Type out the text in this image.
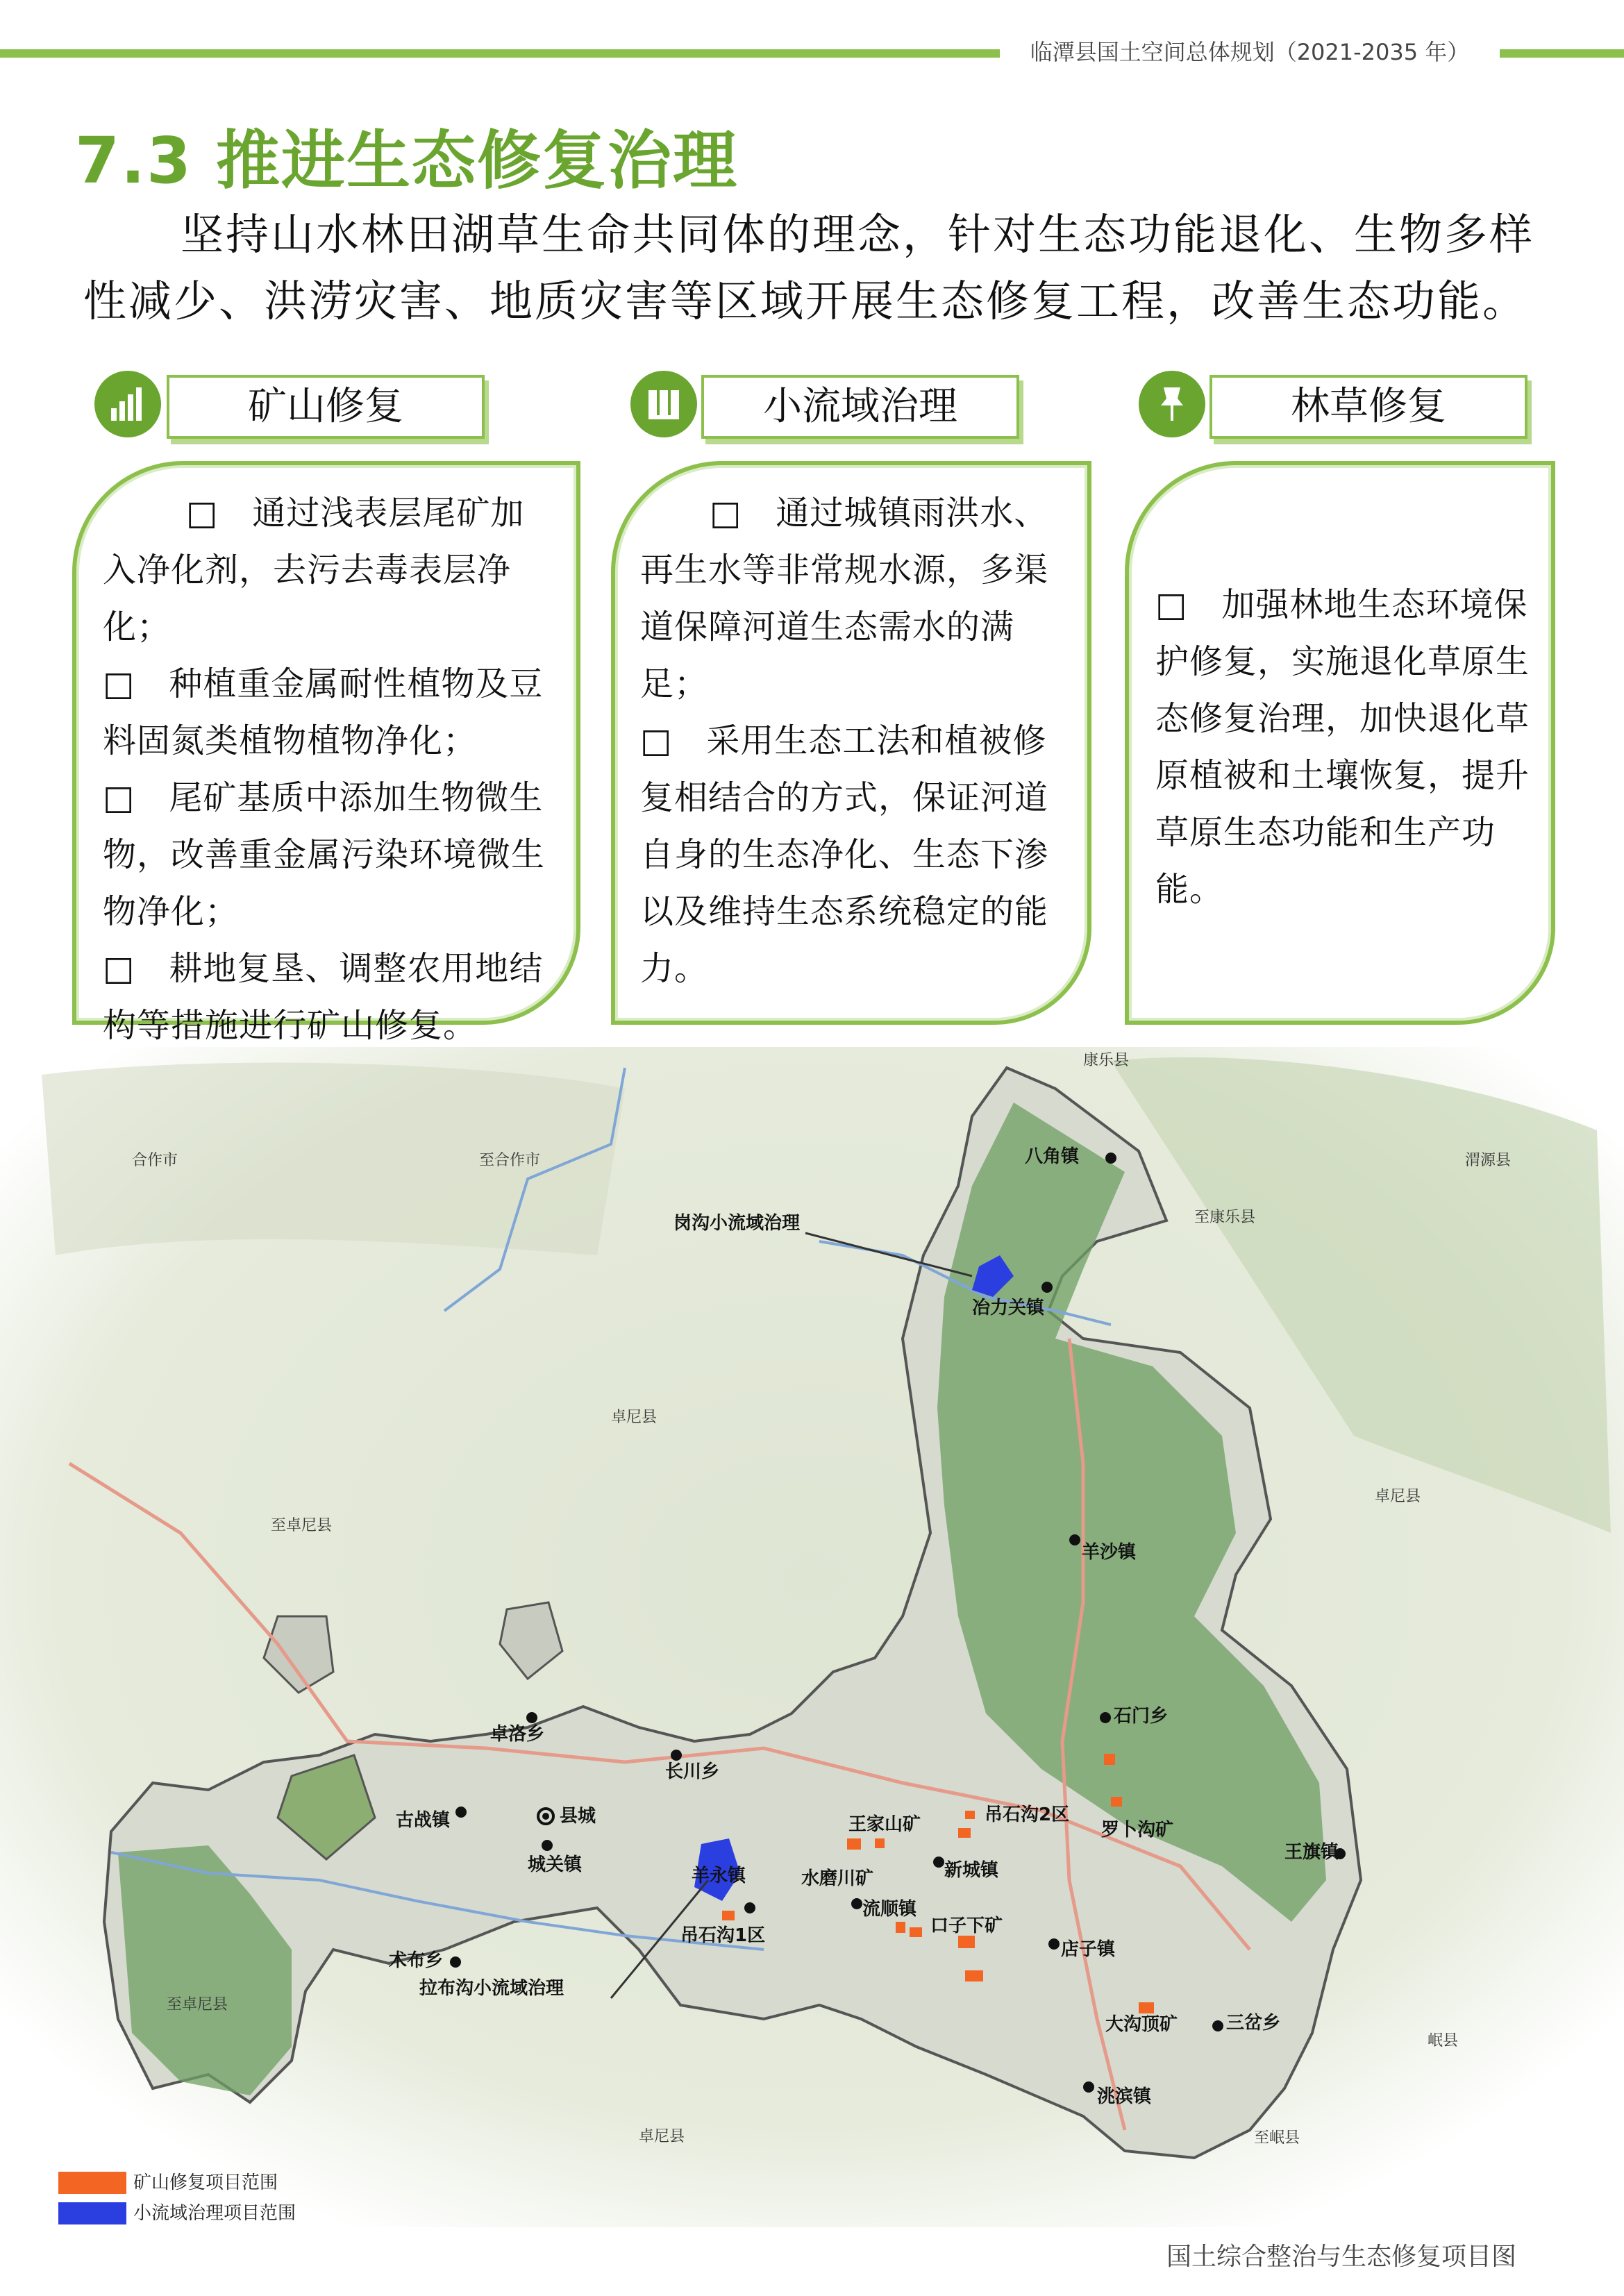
临潭县国土空间总体规划（2021-2035 年）
7.3 推进生态修复治理
坚持山水林田湖草生命共同体的理念，针对生态功能退化、生物多样性减少、洪涝灾害、地质灾害等区域开展生态修复工程，改善生态功能。
矿山修复	小流域治理	林草修复

□　通过浅表层尾矿加入净化剂，去污去毒表层净化；

□　种植重金属耐性植物及豆料固氮类植物植物净化；

□　尾矿基质中添加生物微生物，改善重金属污染环境微生物净化；

□　耕地复垦、调整农用地结构等措施进行矿山修复。

□　通过城镇雨洪水、再生水等非常规水源，多渠道保障河道生态需水的满足；

□　采用生态工法和植被修复相结合的方式，保证河道自身的生态净化、生态下渗以及维持生态系统稳定的能力。

□　加强林地生态环境保护修复，实施退化草原生态修复治理，加快退化草原植被和土壤恢复，提升草原生态功能和生产功能。

康乐县
合作市	至合作市	渭源县
至康乐县
卓尼县
至卓尼县
卓尼县
卓尼县
至卓尼县
岷县
至岷县
八角镇
冶力关镇
羊沙镇
石门乡
卓洛乡
长川乡
县城
古战镇
城关镇
术布乡
新城镇
流顺镇
店子镇
王旗镇
三岔乡
洮滨镇
羊永镇
王家山矿	吊石沟2区
罗卜沟矿
水磨川矿
口子下矿
吊石沟1区
大沟顶矿
岗沟小流域治理
拉布沟小流域治理
矿山修复项目范围
小流域治理项目范围
国土综合整治与生态修复项目图
